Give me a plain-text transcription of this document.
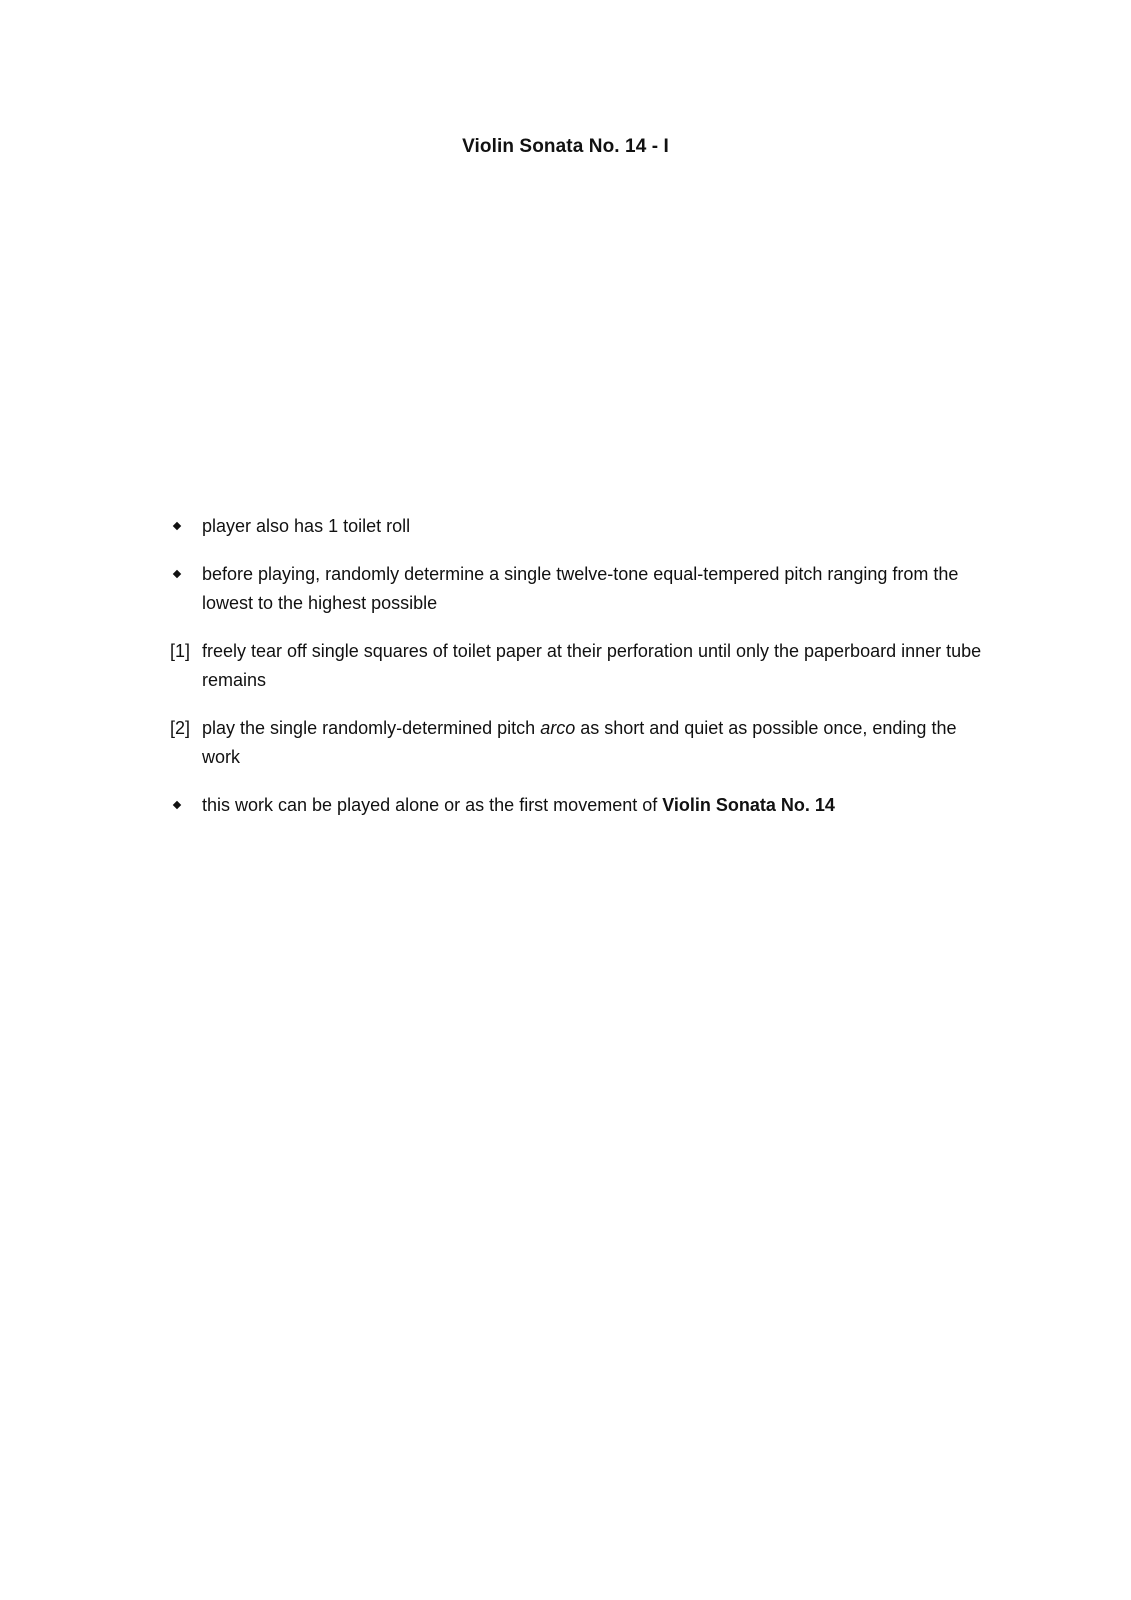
Violin Sonata No. 14 - I
player also has 1 toilet roll
before playing, randomly determine a single twelve-tone equal-tempered pitch ranging from the lowest to the highest possible
[1] freely tear off single squares of toilet paper at their perforation until only the paperboard inner tube remains
[2] play the single randomly-determined pitch arco as short and quiet as possible once, ending the work
this work can be played alone or as the first movement of Violin Sonata No. 14
